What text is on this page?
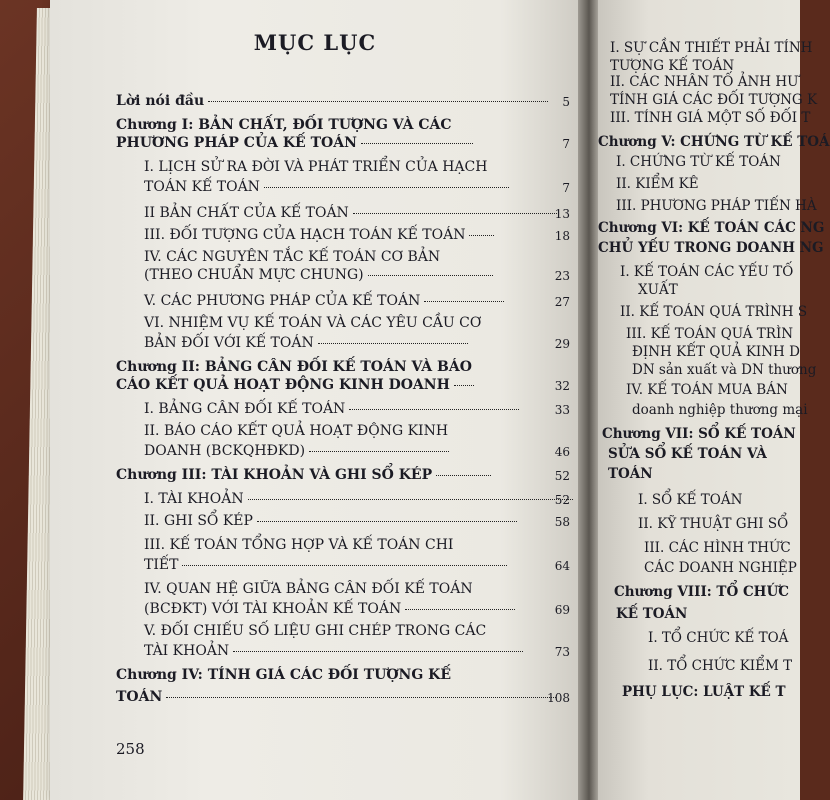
MỤC LỤC
Lời nói đầu	5
Chương I: BẢN CHẤT, ĐỐI TƯỢNG VÀ CÁC
PHƯƠNG PHÁP CỦA KẾ TOÁN	7
I. LỊCH SỬ RA ĐỜI VÀ PHÁT TRIỂN CỦA HẠCH
TOÁN KẾ TOÁN	7
II BẢN CHẤT CỦA KẾ TOÁN	13
III. ĐỐI TƯỢNG CỦA HẠCH TOÁN KẾ TOÁN	18
IV. CÁC NGUYÊN TẮC KẾ TOÁN CƠ BẢN
(THEO CHUẨN MỰC CHUNG)	23
V. CÁC PHƯƠNG PHÁP CỦA KẾ TOÁN	27
VI. NHIỆM VỤ KẾ TOÁN VÀ CÁC YÊU CẦU CƠ
BẢN ĐỐI VỚI KẾ TOÁN	29
Chương II: BẢNG CÂN ĐỐI KẾ TOÁN VÀ BÁO
CÁO KẾT QUẢ HOẠT ĐỘNG KINH DOANH	32
I. BẢNG CÂN ĐỐI KẾ TOÁN	33
II. BÁO CÁO KẾT QUẢ HOẠT ĐỘNG KINH
DOANH (BCKQHĐKD)	46
Chương III: TÀI KHOẢN VÀ GHI SỔ KÉP	52
I. TÀI KHOẢN	52
II. GHI SỔ KÉP	58
III. KẾ TOÁN TỔNG HỢP VÀ KẾ TOÁN CHI
TIẾT	64
IV. QUAN HỆ GIỮA BẢNG CÂN ĐỐI KẾ TOÁN
(BCĐKT) VỚI TÀI KHOẢN KẾ TOÁN	69
V. ĐỐI CHIẾU SỐ LIỆU GHI CHÉP TRONG CÁC
TÀI KHOẢN	73
Chương IV: TÍNH GIÁ CÁC ĐỐI TƯỢNG KẾ
TOÁN	108
258
I. SỰ CẦN THIẾT PHẢI TÍNH
TƯỢNG KẾ TOÁN
II. CÁC NHÂN TỐ ẢNH HƯ
TÍNH GIÁ CÁC ĐỐI TƯỢNG K
III. TÍNH GIÁ MỘT SỐ ĐỐI T
Chương V: CHỨNG TỪ KẾ TOÁ
I. CHỨNG TỪ KẾ TOÁN
II. KIỂM KÊ
III. PHƯƠNG PHÁP TIẾN HÀ
Chương VI: KẾ TOÁN CÁC NG
CHỦ YẾU TRONG DOANH NG
I. KẾ TOÁN CÁC YẾU TỐ
XUẤT
II. KẾ TOÁN QUÁ TRÌNH S
III. KẾ TOÁN QUÁ TRÌN
ĐỊNH KẾT QUẢ KINH D
DN sản xuất và DN thương
IV. KẾ TOÁN MUA BÁN
doanh nghiệp thương mại
Chương VII: SỔ KẾ TOÁN
SỬA SỔ KẾ TOÁN VÀ
TOÁN
I. SỔ KẾ TOÁN
II. KỸ THUẬT GHI SỔ
III. CÁC HÌNH THỨC
CÁC DOANH NGHIỆP
Chương VIII: TỔ CHỨC
KẾ TOÁN
I. TỔ CHỨC KẾ TOÁ
II. TỔ CHỨC KIỂM T
PHỤ LỤC: LUẬT KẾ T
